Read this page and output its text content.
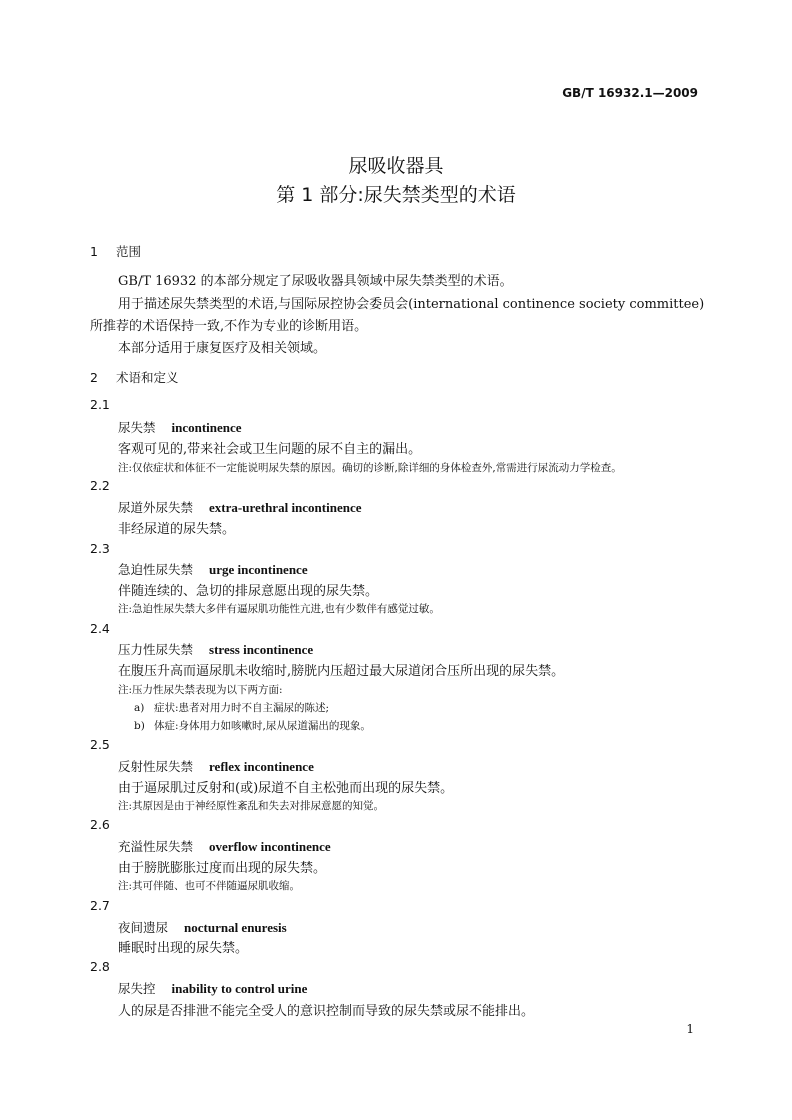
GB/T 16932.1—2009
尿吸收器具
第 1 部分:尿失禁类型的术语
1 范围
GB/T 16932 的本部分规定了尿吸收器具领域中尿失禁类型的术语。
用于描述尿失禁类型的术语,与国际尿控协会委员会(international continence society committee)
所推荐的术语保持一致,不作为专业的诊断用语。
本部分适用于康复医疗及相关领域。
2 术语和定义
2.1
尿失禁 incontinence
客观可见的,带来社会或卫生问题的尿不自主的漏出。
注:仅依症状和体征不一定能说明尿失禁的原因。确切的诊断,除详细的身体检查外,常需进行尿流动力学检查。
2.2
尿道外尿失禁 extra-urethral incontinence
非经尿道的尿失禁。
2.3
急迫性尿失禁 urge incontinence
伴随连续的、急切的排尿意愿出现的尿失禁。
注:急迫性尿失禁大多伴有逼尿肌功能性亢进,也有少数伴有感觉过敏。
2.4
压力性尿失禁 stress incontinence
在腹压升高而逼尿肌未收缩时,膀胱内压超过最大尿道闭合压所出现的尿失禁。
注:压力性尿失禁表现为以下两方面:
a) 症状:患者对用力时不自主漏尿的陈述;
b) 体症:身体用力如咳嗽时,尿从尿道漏出的现象。
2.5
反射性尿失禁 reflex incontinence
由于逼尿肌过反射和(或)尿道不自主松弛而出现的尿失禁。
注:其原因是由于神经原性紊乱和失去对排尿意愿的知觉。
2.6
充溢性尿失禁 overflow incontinence
由于膀胱膨胀过度而出现的尿失禁。
注:其可伴随、也可不伴随逼尿肌收缩。
2.7
夜间遗尿 nocturnal enuresis
睡眠时出现的尿失禁。
2.8
尿失控 inability to control urine
人的尿是否排泄不能完全受人的意识控制而导致的尿失禁或尿不能排出。
1
